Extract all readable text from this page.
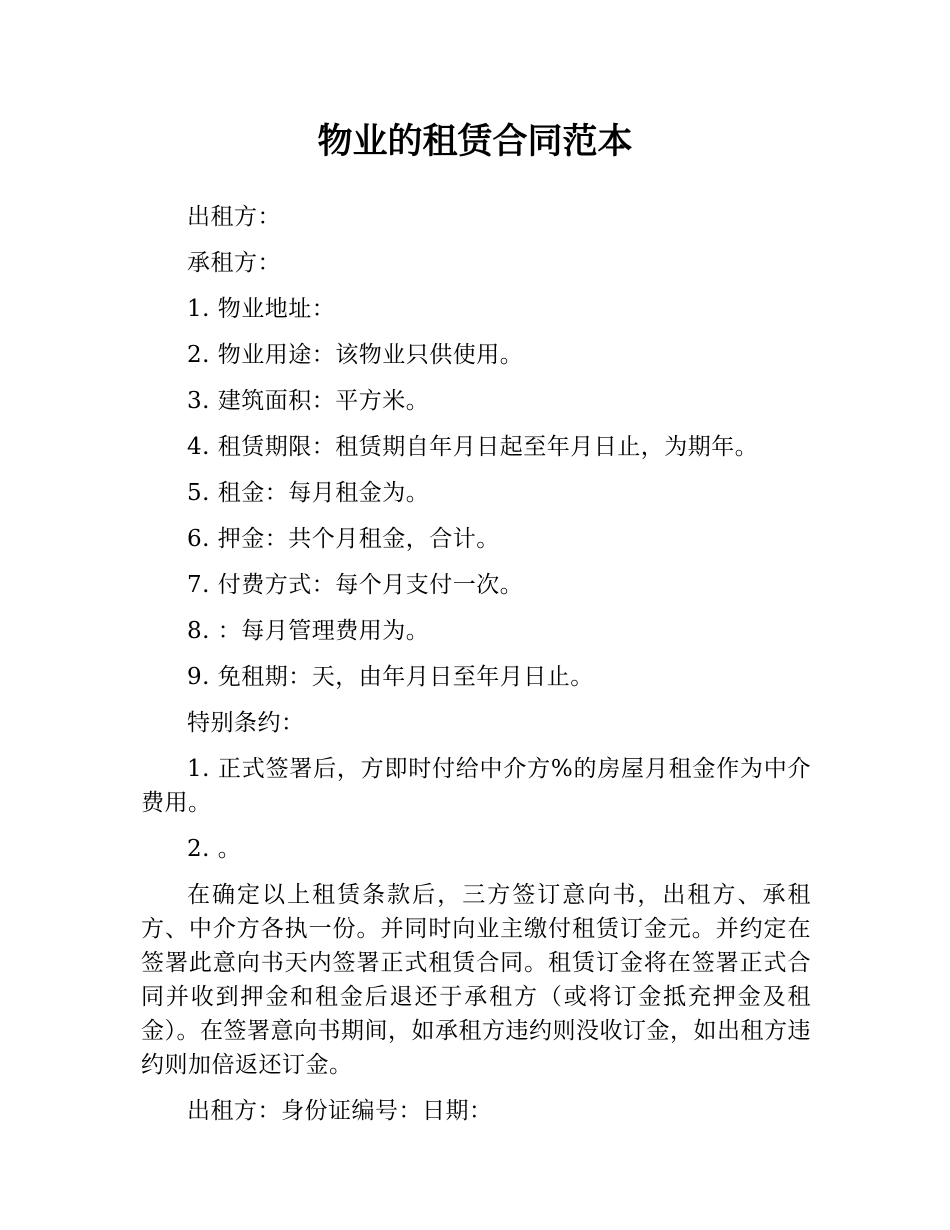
物业的租赁合同范本

出租方：

承租方：

1. 物业地址：

2. 物业用途：该物业只供使用。

3. 建筑面积：平方米。

4. 租赁期限：租赁期自年月日起至年月日止，为期年。

5. 租金：每月租金为。

6. 押金：共个月租金，合计。

7. 付费方式：每个月支付一次。

8. ：每月管理费用为。

9. 免租期：天，由年月日至年月日止。

特别条约：

1. 正式签署后，方即时付给中介方%的房屋月租金作为中介费用。

2. 。

在确定以上租赁条款后，三方签订意向书，出租方、承租方、中介方各执一份。并同时向业主缴付租赁订金元。并约定在签署此意向书天内签署正式租赁合同。租赁订金将在签署正式合同并收到押金和租金后退还于承租方（或将订金抵充押金及租金）。在签署意向书期间，如承租方违约则没收订金，如出租方违约则加倍返还订金。

出租方：身份证编号：日期：
